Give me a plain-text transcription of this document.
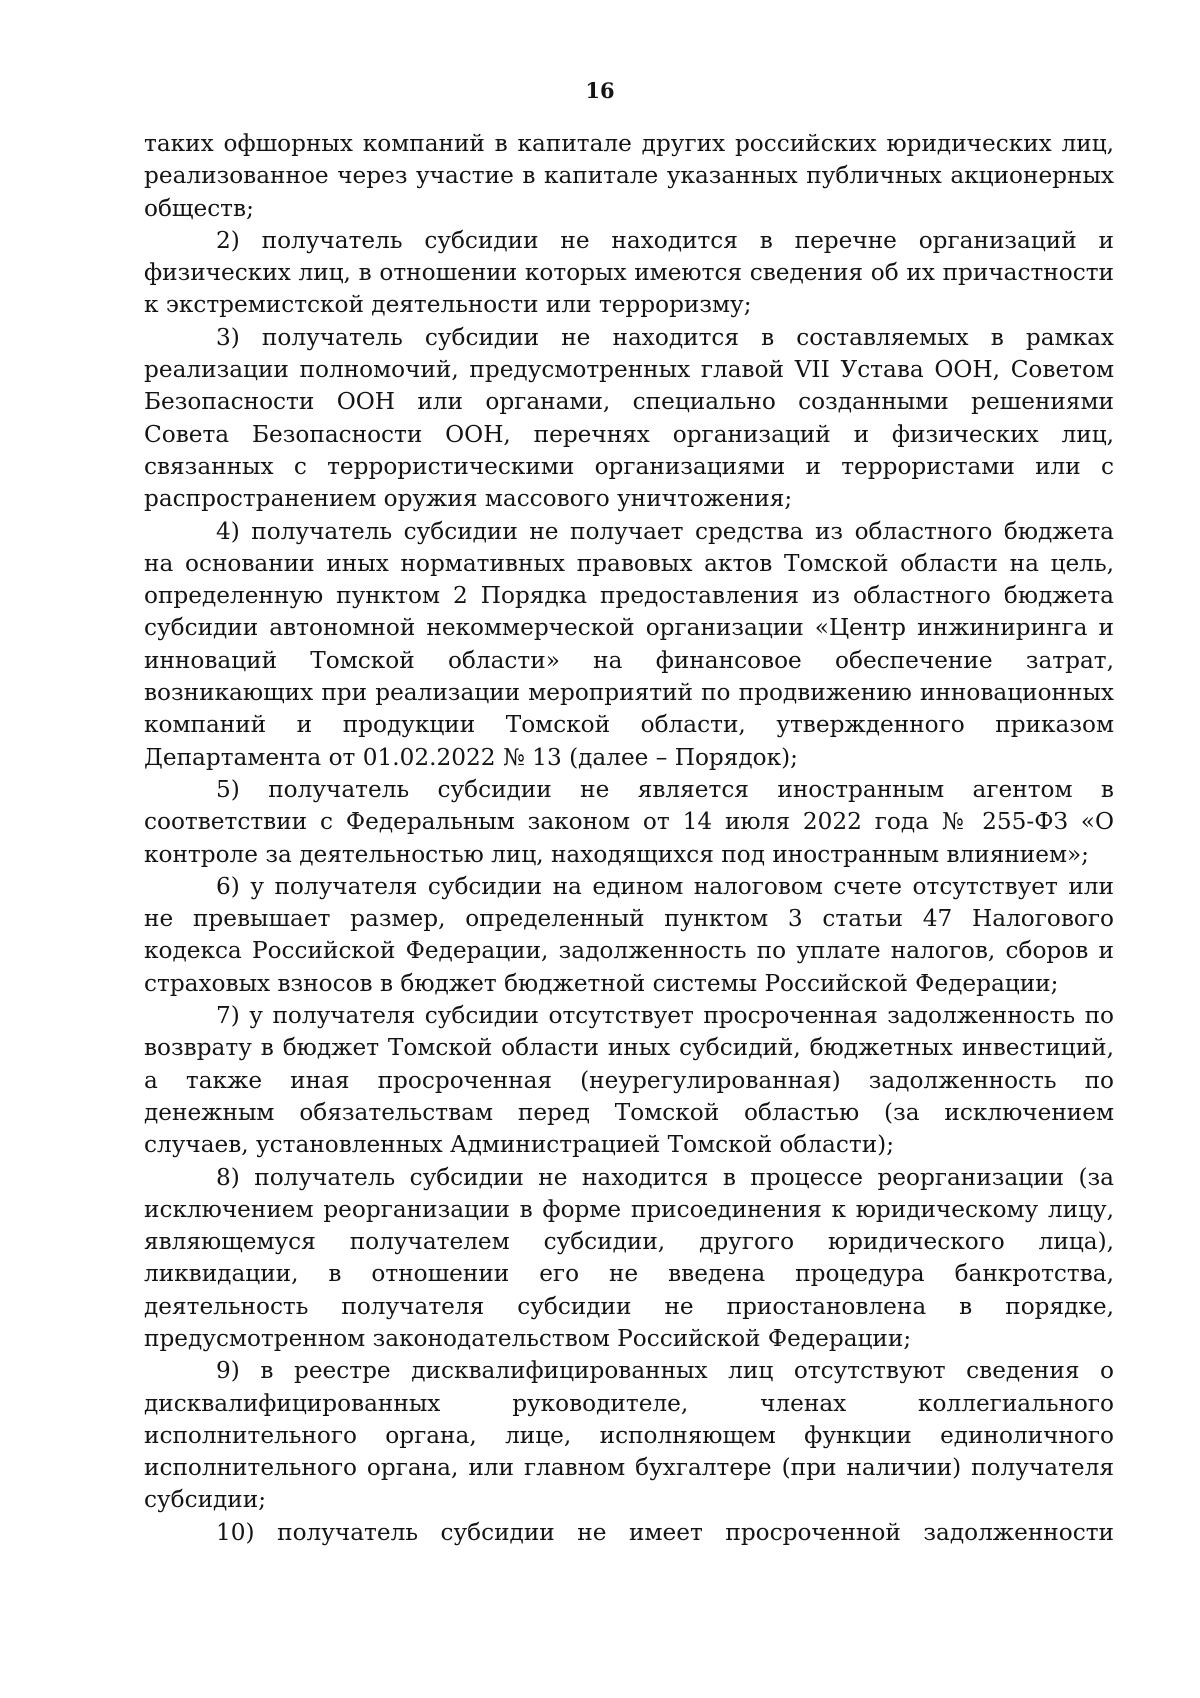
16

таких офшорных компаний в капитале других российских юридических лиц, реализованное через участие в капитале указанных публичных акционерных обществ;

2) получатель субсидии не находится в перечне организаций и физических лиц, в отношении которых имеются сведения об их причастности к экстремистской деятельности или терроризму;

3) получатель субсидии не находится в составляемых в рамках реализации полномочий, предусмотренных главой VII Устава ООН, Советом Безопасности ООН или органами, специально созданными решениями Совета Безопасности ООН, перечнях организаций и физических лиц, связанных с террористическими организациями и террористами или с распространением оружия массового уничтожения;

4) получатель субсидии не получает средства из областного бюджета на основании иных нормативных правовых актов Томской области на цель, определенную пунктом 2 Порядка предоставления из областного бюджета субсидии автономной некоммерческой организации «Центр инжиниринга и инноваций Томской области» на финансовое обеспечение затрат, возникающих при реализации мероприятий по продвижению инновационных компаний и продукции Томской области, утвержденного приказом Департамента от 01.02.2022 № 13 (далее – Порядок);

5) получатель субсидии не является иностранным агентом в соответствии с Федеральным законом от 14 июля 2022 года № 255-ФЗ «О контроле за деятельностью лиц, находящихся под иностранным влиянием»;

6) у получателя субсидии на едином налоговом счете отсутствует или не превышает размер, определенный пунктом 3 статьи 47 Налогового кодекса Российской Федерации, задолженность по уплате налогов, сборов и страховых взносов в бюджет бюджетной системы Российской Федерации;

7) у получателя субсидии отсутствует просроченная задолженность по возврату в бюджет Томской области иных субсидий, бюджетных инвестиций, а также иная просроченная (неурегулированная) задолженность по денежным обязательствам перед Томской областью (за исключением случаев, установленных Администрацией Томской области);

8) получатель субсидии не находится в процессе реорганизации (за исключением реорганизации в форме присоединения к юридическому лицу, являющемуся получателем субсидии, другого юридического лица), ликвидации, в отношении его не введена процедура банкротства, деятельность получателя субсидии не приостановлена в порядке, предусмотренном законодательством Российской Федерации;

9) в реестре дисквалифицированных лиц отсутствуют сведения о дисквалифицированных руководителе, членах коллегиального исполнительного органа, лице, исполняющем функции единоличного исполнительного органа, или главном бухгалтере (при наличии) получателя субсидии;

10) получатель субсидии не имеет просроченной задолженности
